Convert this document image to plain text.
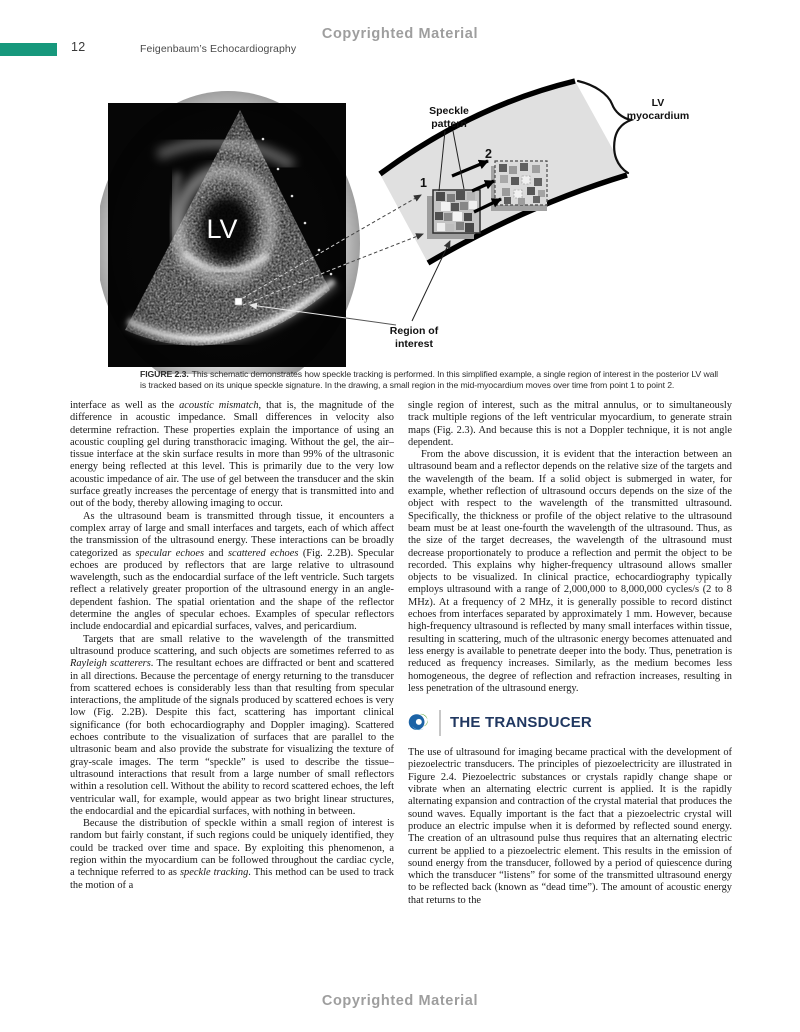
Copyrighted Material
12	Feigenbaum’s Echocardiography
LV
1
2
Speckle
pattern
LV
myocardium
Region of
interest
FIGURE 2.3. This schematic demonstrates how speckle tracking is performed. In this simplified example, a single region of interest in the posterior LV wall is tracked based on its unique speckle signature. In the drawing, a small region in the mid-myocardium moves over time from point 1 to point 2.

interface as well as the acoustic mismatch, that is, the magnitude of the difference in acoustic impedance. Small differences in velocity also determine refraction. These properties explain the importance of using an acoustic coupling gel during transthoracic imaging. Without the gel, the air–tissue interface at the skin surface results in more than 99% of the ultrasonic energy being reflected at this level. This is primarily due to the very low acoustic impedance of air. The use of gel between the transducer and the skin surface greatly increases the percentage of energy that is transmitted into and out of the body, thereby allowing imaging to occur.

As the ultrasound beam is transmitted through tissue, it encounters a complex array of large and small interfaces and targets, each of which affect the transmission of the ultrasound energy. These interactions can be broadly categorized as specular echoes and scattered echoes (Fig. 2.2B). Specular echoes are produced by reflectors that are large relative to ultrasound wavelength, such as the endocardial surface of the left ventricle. Such targets reflect a relatively greater proportion of the ultrasound energy in an angle-dependent fashion. The spatial orientation and the shape of the reflector determine the angles of specular echoes. Examples of specular reflectors include endocardial and epicardial surfaces, valves, and pericardium.

Targets that are small relative to the wavelength of the transmitted ultrasound produce scattering, and such objects are sometimes referred to as Rayleigh scatterers. The resultant echoes are diffracted or bent and scattered in all directions. Because the percentage of energy returning to the transducer from scattered echoes is considerably less than that resulting from specular interactions, the amplitude of the signals produced by scattered echoes is very low (Fig. 2.2B). Despite this fact, scattering has important clinical significance (for both echocardiography and Doppler imaging). Scattered echoes contribute to the visualization of surfaces that are parallel to the ultrasonic beam and also provide the substrate for visualizing the texture of gray-scale images. The term “speckle” is used to describe the tissue–ultrasound interactions that result from a large number of small reflectors within a resolution cell. Without the ability to record scattered echoes, the left ventricular wall, for example, would appear as two bright linear structures, the endocardial and the epicardial surfaces, with nothing in between.

Because the distribution of speckle within a small region of interest is random but fairly constant, if such regions could be uniquely identified, they could be tracked over time and space. By exploiting this phenomenon, a region within the myocardium can be followed throughout the cardiac cycle, a technique referred to as speckle tracking. This method can be used to track the motion of a

single region of interest, such as the mitral annulus, or to simultaneously track multiple regions of the left ventricular myocardium, to generate strain maps (Fig. 2.3). And because this is not a Doppler technique, it is not angle dependent.

From the above discussion, it is evident that the interaction between an ultrasound beam and a reflector depends on the relative size of the targets and the wavelength of the beam. If a solid object is submerged in water, for example, whether reflection of ultrasound occurs depends on the size of the object with respect to the wavelength of the transmitted ultrasound. Specifically, the thickness or profile of the object relative to the ultrasound beam must be at least one-fourth the wavelength of the ultrasound. Thus, as the size of the target decreases, the wavelength of the ultrasound must decrease proportionately to produce a reflection and permit the object to be recorded. This explains why higher-frequency ultrasound allows smaller objects to be visualized. In clinical practice, echocardiography typically employs ultrasound with a range of 2,000,000 to 8,000,000 cycles/s (2 to 8 MHz). At a frequency of 2 MHz, it is generally possible to record distinct echoes from interfaces separated by approximately 1 mm. However, because high-frequency ultrasound is reflected by many small interfaces within tissue, resulting in scattering, much of the ultrasonic energy becomes attenuated and less energy is available to penetrate deeper into the body. Thus, penetration is reduced as frequency increases. Similarly, as the medium becomes less homogeneous, the degree of reflection and refraction increases, resulting in less penetration of the ultrasound energy.

THE TRANSDUCER

The use of ultrasound for imaging became practical with the development of piezoelectric transducers. The principles of piezoelectricity are illustrated in Figure 2.4. Piezoelectric substances or crystals rapidly change shape or vibrate when an alternating electric current is applied. It is the rapidly alternating expansion and contraction of the crystal material that produces the sound waves. Equally important is the fact that a piezoelectric crystal will produce an electric impulse when it is deformed by reflected sound energy. The creation of an ultrasound pulse thus requires that an alternating electric current be applied to a piezoelectric element. This results in the emission of sound energy from the transducer, followed by a period of quiescence during which the transducer “listens” for some of the transmitted ultrasound energy to be reflected back (known as “dead time”). The amount of acoustic energy that returns to the

Copyrighted Material
